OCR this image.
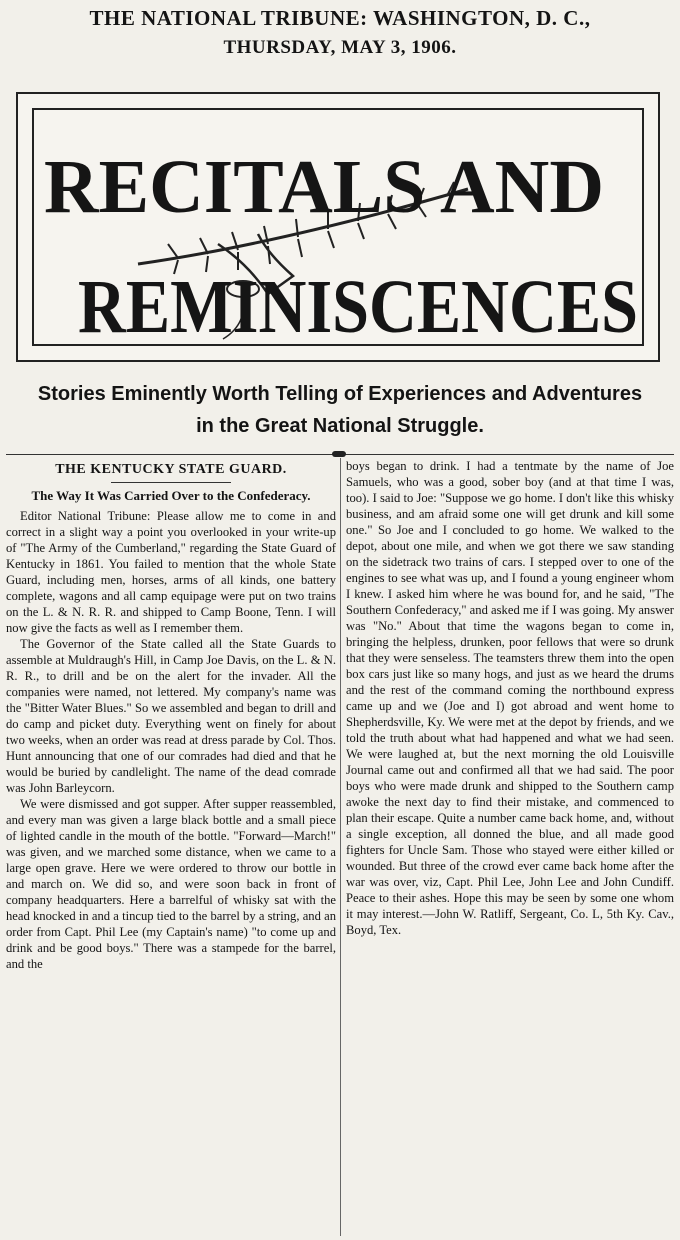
THE NATIONAL TRIBUNE: WASHINGTON, D. C.,
THURSDAY, MAY 3, 1906.
RECITALS AND
REMINISCENCES
Stories Eminently Worth Telling of Experiences and Adventures
in the Great National Struggle.
THE KENTUCKY STATE GUARD.
The Way It Was Carried Over to the Confederacy.

Editor National Tribune: Please allow me to come in and correct in a slight way a point you overlooked in your write-up of "The Army of the Cumberland," regarding the State Guard of Kentucky in 1861. You failed to mention that the whole State Guard, including men, horses, arms of all kinds, one battery complete, wagons and all camp equipage were put on two trains on the L. & N. R. R. and shipped to Camp Boone, Tenn. I will now give the facts as well as I remember them.

The Governor of the State called all the State Guards to assemble at Muldraugh's Hill, in Camp Joe Davis, on the L. & N. R. R., to drill and be on the alert for the invader. All the companies were named, not lettered. My company's name was the "Bitter Water Blues." So we assembled and began to drill and do camp and picket duty. Everything went on finely for about two weeks, when an order was read at dress parade by Col. Thos. Hunt announcing that one of our comrades had died and that he would be buried by candlelight. The name of the dead comrade was John Barleycorn.

We were dismissed and got supper. After supper reassembled, and every man was given a large black bottle and a small piece of lighted candle in the mouth of the bottle. "Forward—March!" was given, and we marched some distance, when we came to a large open grave. Here we were ordered to throw our bottle in and march on. We did so, and were soon back in front of company headquarters. Here a barrelful of whisky sat with the head knocked in and a tincup tied to the barrel by a string, and an order from Capt. Phil Lee (my Captain's name) "to come up and drink and be good boys." There was a stampede for the barrel, and the

boys began to drink. I had a tentmate by the name of Joe Samuels, who was a good, sober boy (and at that time I was, too). I said to Joe: "Suppose we go home. I don't like this whisky business, and am afraid some one will get drunk and kill some one." So Joe and I concluded to go home. We walked to the depot, about one mile, and when we got there we saw standing on the sidetrack two trains of cars. I stepped over to one of the engines to see what was up, and I found a young engineer whom I knew. I asked him where he was bound for, and he said, "The Southern Confederacy," and asked me if I was going. My answer was "No." About that time the wagons began to come in, bringing the helpless, drunken, poor fellows that were so drunk that they were senseless. The teamsters threw them into the open box cars just like so many hogs, and just as we heard the drums and the rest of the command coming the northbound express came up and we (Joe and I) got abroad and went home to Shepherdsville, Ky. We were met at the depot by friends, and we told the truth about what had happened and what we had seen. We were laughed at, but the next morning the old Louisville Journal came out and confirmed all that we had said. The poor boys who were made drunk and shipped to the Southern camp awoke the next day to find their mistake, and commenced to plan their escape. Quite a number came back home, and, without a single exception, all donned the blue, and all made good fighters for Uncle Sam. Those who stayed were either killed or wounded. But three of the crowd ever came back home after the war was over, viz, Capt. Phil Lee, John Lee and John Cundiff. Peace to their ashes. Hope this may be seen by some one whom it may interest.—John W. Ratliff, Sergeant, Co. L, 5th Ky. Cav., Boyd, Tex.
